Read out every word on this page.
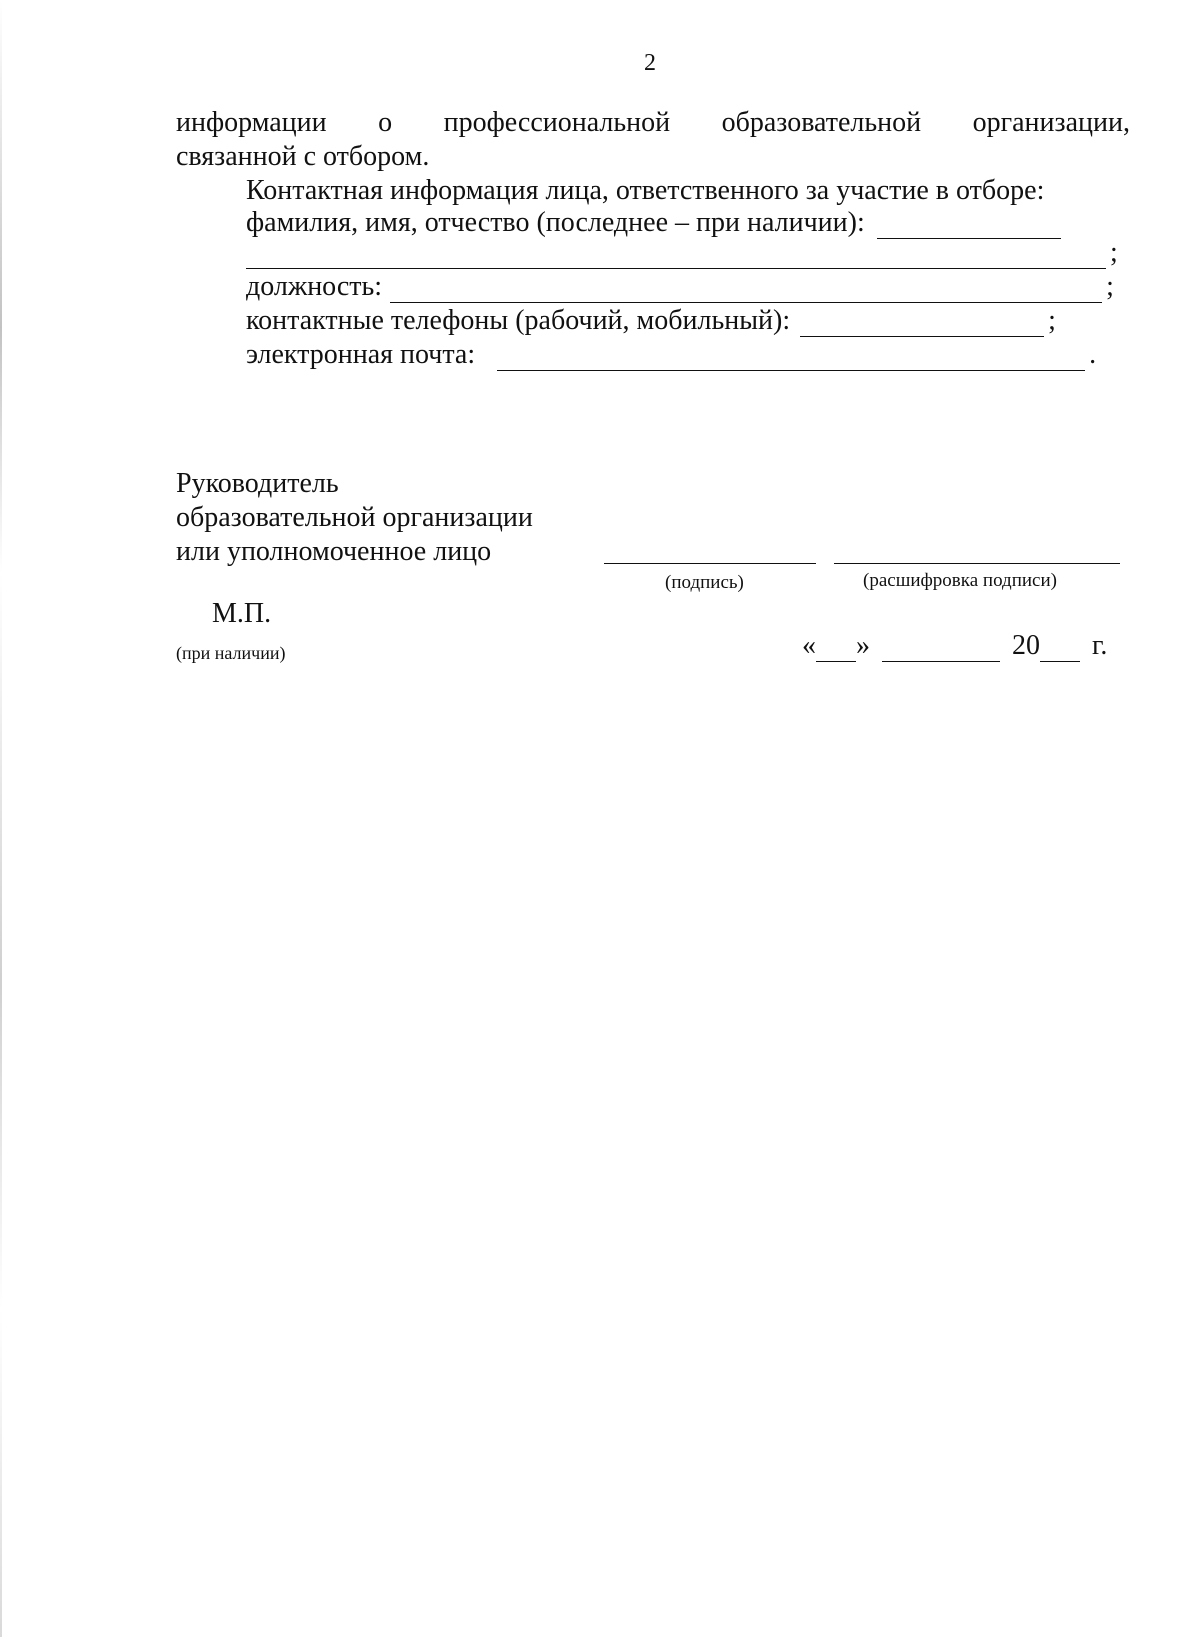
2
информации о профессиональной образовательной организации,
связанной с отбором.
Контактная информация лица, ответственного за участие в отборе:
фамилия, имя, отчество (последнее – при наличии):
;
должность:	;
контактные телефоны (рабочий, мобильный):	;
электронная почта:	.
Руководитель
образовательной организации
или уполномоченное лицо
(подпись)	(расшифровка подписи)
М.П.
(при наличии)	« »	20 г.
